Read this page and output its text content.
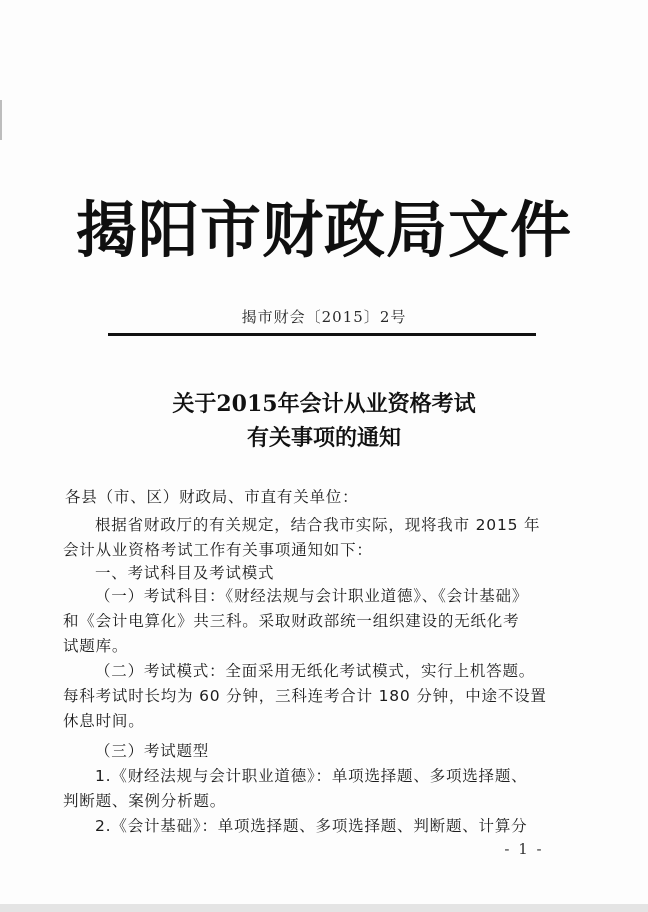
揭阳市财政局文件
揭市财会〔2015〕2号
关于2015年会计从业资格考试
有关事项的通知
各县（市、区）财政局、市直有关单位：
根据省财政厅的有关规定，结合我市实际，现将我市 2015 年
会计从业资格考试工作有关事项通知如下：
一、考试科目及考试模式
（一）考试科目：《财经法规与会计职业道德》、《会计基础》
和《会计电算化》共三科。采取财政部统一组织建设的无纸化考
试题库。
（二）考试模式：全面采用无纸化考试模式，实行上机答题。
每科考试时长均为 60 分钟，三科连考合计 180 分钟，中途不设置
休息时间。
（三）考试题型
1.《财经法规与会计职业道德》：单项选择题、多项选择题、
判断题、案例分析题。
2.《会计基础》：单项选择题、多项选择题、判断题、计算分
- 1 -
